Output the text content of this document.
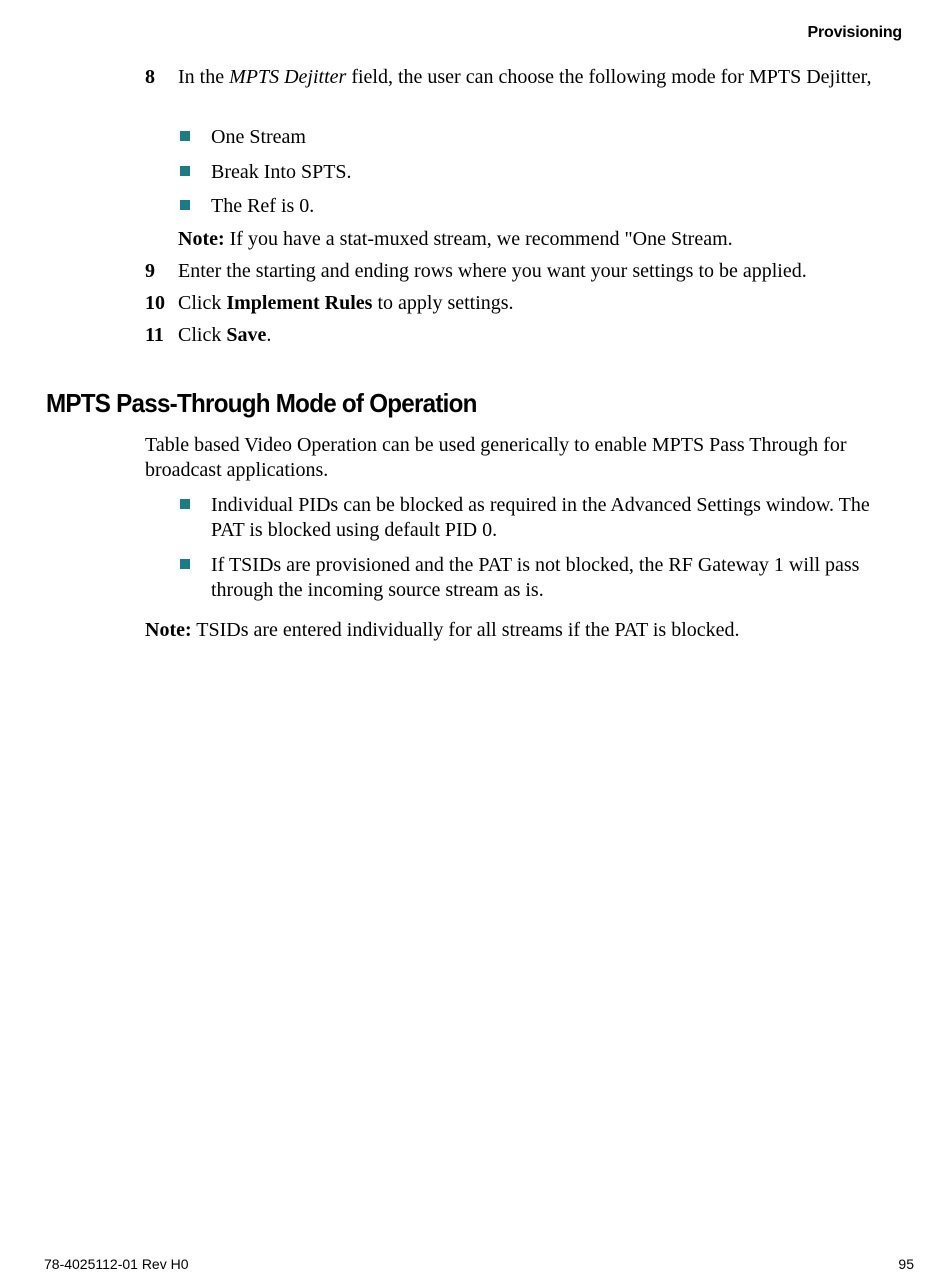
Provisioning
8 In the MPTS Dejitter field, the user can choose the following mode for MPTS Dejitter,
One Stream
Break Into SPTS.
The Ref is 0.
Note: If you have a stat-muxed stream, we recommend "One Stream.
9 Enter the starting and ending rows where you want your settings to be applied.
10 Click Implement Rules to apply settings.
11 Click Save.
MPTS Pass-Through Mode of Operation

Table based Video Operation can be used generically to enable MPTS Pass Through for broadcast applications.

Individual PIDs can be blocked as required in the Advanced Settings window. The PAT is blocked using default PID 0.
If TSIDs are provisioned and the PAT is not blocked, the RF Gateway 1 will pass through the incoming source stream as is.

Note: TSIDs are entered individually for all streams if the PAT is blocked.

78-4025112-01 Rev H0	95
